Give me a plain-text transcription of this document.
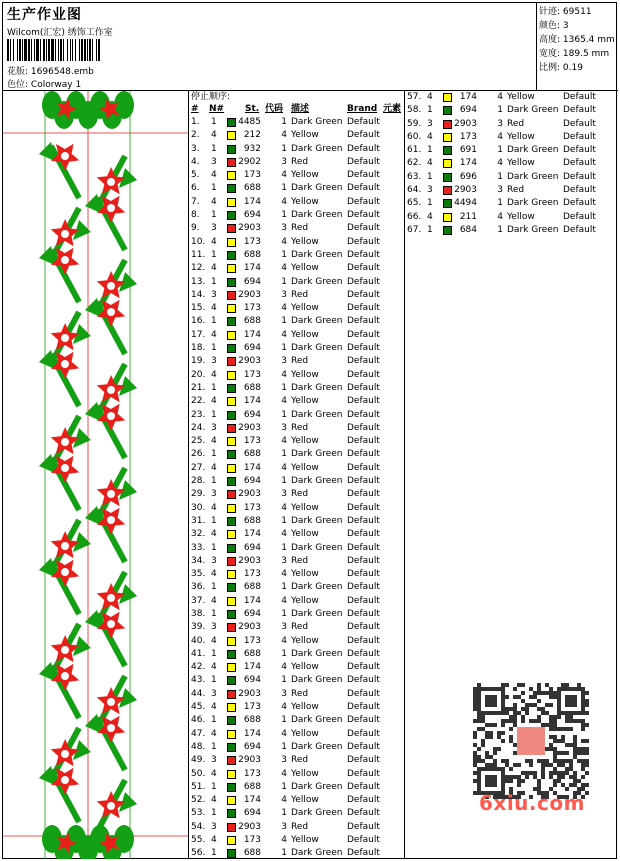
生产作业图
Wilcom(汇宏) 绣饰工作室
花版: 1696548.emb
色位: Colorway 1
针迹: 69511
颜色: 3
高度: 1365.4 mm
宽度: 189.5 mm
比例: 0.19
停止顺序:
# N# St. 代码 描述	Brand 元素
1. 1 4485 1 Dark Green Default
2. 4	212 4 Yellow	Default
3. 1	932 1 Dark Green Default
4. 3 2902 3 Red	Default
5. 4	173 4 Yellow	Default
6. 1	688 1 Dark Green Default
7. 4	174 4 Yellow	Default
8. 1	694 1 Dark Green Default
9. 3 2903 3 Red	Default
10. 4	173 4 Yellow	Default
11. 1	688 1 Dark Green Default
12. 4	174 4 Yellow	Default
13. 1	694 1 Dark Green Default
14. 3 2903 3 Red	Default
15. 4	173 4 Yellow	Default
16. 1	688 1 Dark Green Default
17. 4	174 4 Yellow	Default
18. 1	694 1 Dark Green Default
19. 3 2903 3 Red	Default
20. 4	173 4 Yellow	Default
21. 1	688 1 Dark Green Default
22. 4	174 4 Yellow	Default
23. 1	694 1 Dark Green Default
24. 3 2903 3 Red	Default
25. 4	173 4 Yellow	Default
26. 1	688 1 Dark Green Default
27. 4	174 4 Yellow	Default
28. 1	694 1 Dark Green Default
29. 3 2903 3 Red	Default
30. 4	173 4 Yellow	Default
31. 1	688 1 Dark Green Default
32. 4	174 4 Yellow	Default
33. 1	694 1 Dark Green Default
34. 3 2903 3 Red	Default
35. 4	173 4 Yellow	Default
36. 1	688 1 Dark Green Default
37. 4	174 4 Yellow	Default
38. 1	694 1 Dark Green Default
39. 3 2903 3 Red	Default
40. 4	173 4 Yellow	Default
41. 1	688 1 Dark Green Default
42. 4	174 4 Yellow	Default
43. 1	694 1 Dark Green Default
44. 3 2903 3 Red	Default
45. 4	173 4 Yellow	Default
46. 1	688 1 Dark Green Default
47. 4	174 4 Yellow	Default
48. 1	694 1 Dark Green Default
49. 3 2903 3 Red	Default
50. 4	173 4 Yellow	Default
51. 1	688 1 Dark Green Default
52. 4	174 4 Yellow	Default
53. 1	694 1 Dark Green Default
54. 3 2903 3 Red	Default
55. 4	173 4 Yellow	Default
56. 1	688 1 Dark Green Default
57. 4	174 4 Yellow	Default
58. 1	694 1 Dark Green Default
59. 3 2903 3 Red	Default
60. 4	173 4 Yellow	Default
61. 1	691 1 Dark Green Default
62. 4	174 4 Yellow	Default
63. 1	696 1 Dark Green Default
64. 3 2903 3 Red	Default
65. 1 4494 1 Dark Green Default
66. 4	211 4 Yellow	Default
67. 1	684 1 Dark Green Default
6xiu.com
